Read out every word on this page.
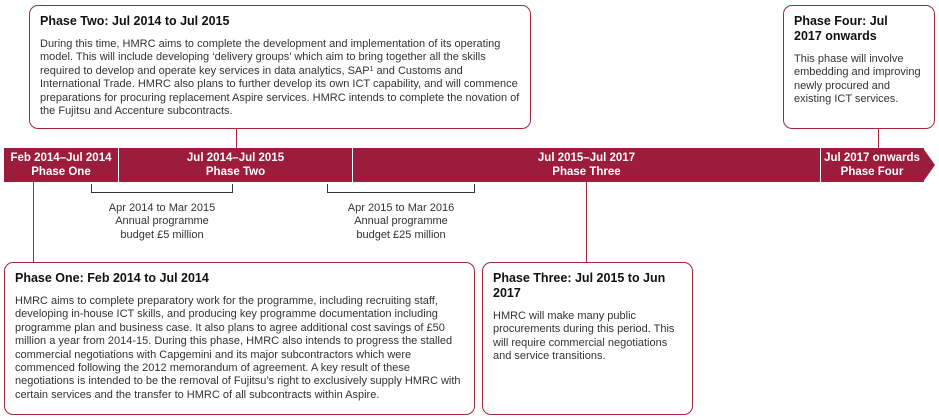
Phase Two: Jul 2014 to Jul 2015

During this time, HMRC aims to complete the development and implementation of its operating model. This will include developing ‘delivery groups’ which aim to bring together all the skills required to develop and operate key services in data analytics, SAP$^1$ and Customs and International Trade. HMRC also plans to further develop its own ICT capability, and will commence preparations for procuring replacement Aspire services. HMRC intends to complete the novation of the Fujitsu and Accenture subcontracts.

Phase Four: Jul 2017 onwards

This phase will involve embedding and improving newly procured and existing ICT services.

Feb 2014–Jul 2014
Phase One
Jul 2014–Jul 2015
Phase Two
Jul 2015–Jul 2017
Phase Three
Jul 2017 onwards
Phase Four
Apr 2014 to Mar 2015
Annual programme
budget £5 million
Apr 2015 to Mar 2016
Annual programme
budget £25 million
Phase One: Feb 2014 to Jul 2014

HMRC aims to complete preparatory work for the programme, including recruiting staff, developing in-house ICT skills, and producing key programme documentation including programme plan and business case. It also plans to agree additional cost savings of £50 million a year from 2014-15. During this phase, HMRC also intends to progress the stalled commercial negotiations with Capgemini and its major subcontractors which were commenced following the 2012 memorandum of agreement. A key result of these negotiations is intended to be the removal of Fujitsu’s right to exclusively supply HMRC with certain services and the transfer to HMRC of all subcontracts within Aspire.

Phase Three: Jul 2015 to Jun 2017

HMRC will make many public procurements during this period. This will require commercial negotiations and service transitions.
